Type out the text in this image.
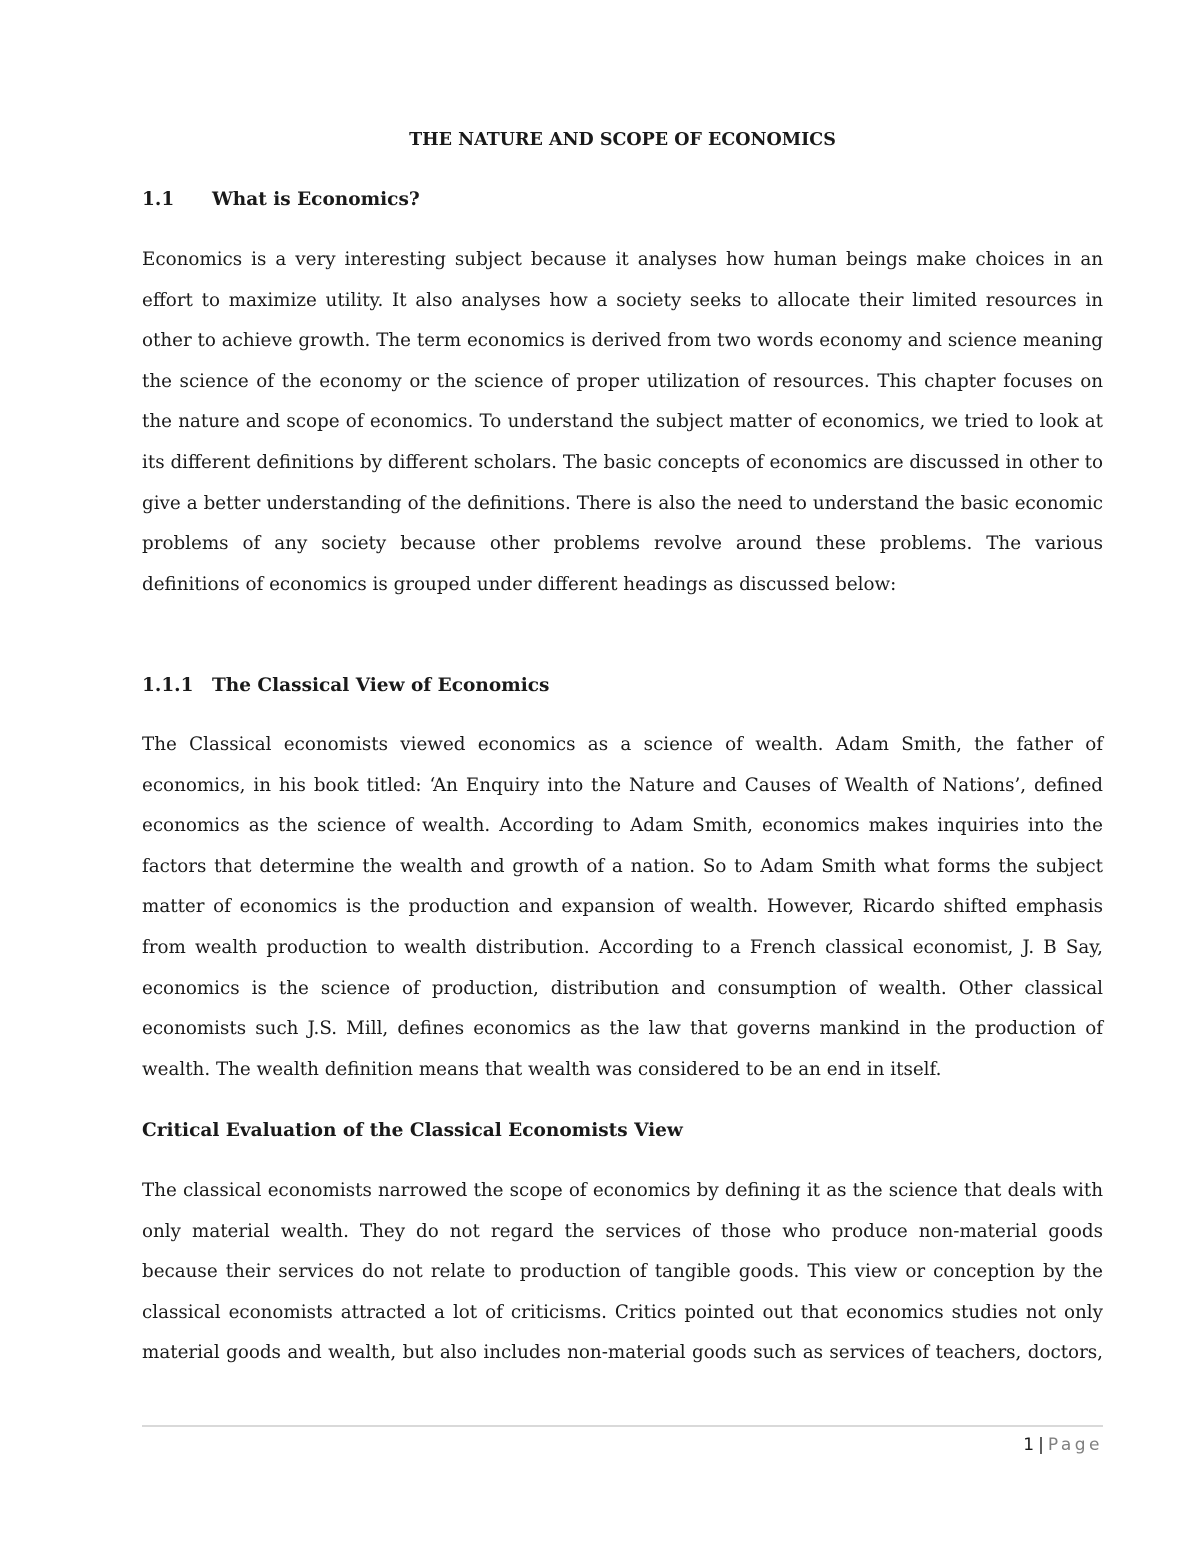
THE NATURE AND SCOPE OF ECONOMICS
1.1 What is Economics?

Economics is a very interesting subject because it analyses how human beings make choices in an effort to maximize utility. It also analyses how a society seeks to allocate their limited resources in other to achieve growth. The term economics is derived from two words economy and science meaning the science of the economy or the science of proper utilization of resources. This chapter focuses on the nature and scope of economics. To understand the subject matter of economics, we tried to look at its different definitions by different scholars. The basic concepts of economics are discussed in other to give a better understanding of the definitions. There is also the need to understand the basic economic problems of any society because other problems revolve around these problems. The various definitions of economics is grouped under different headings as discussed below:

1.1.1 The Classical View of Economics

The Classical economists viewed economics as a science of wealth. Adam Smith, the father of economics, in his book titled: ‘An Enquiry into the Nature and Causes of Wealth of Nations’, defined economics as the science of wealth. According to Adam Smith, economics makes inquiries into the factors that determine the wealth and growth of a nation. So to Adam Smith what forms the subject matter of economics is the production and expansion of wealth. However, Ricardo shifted emphasis from wealth production to wealth distribution. According to a French classical economist, J. B Say, economics is the science of production, distribution and consumption of wealth. Other classical economists such J.S. Mill, defines economics as the law that governs mankind in the production of wealth. The wealth definition means that wealth was considered to be an end in itself.

Critical Evaluation of the Classical Economists View

The classical economists narrowed the scope of economics by defining it as the science that deals with only material wealth. They do not regard the services of those who produce non-material goods because their services do not relate to production of tangible goods. This view or conception by the classical economists attracted a lot of criticisms. Critics pointed out that economics studies not only material goods and wealth, but also includes non-material goods such as services of teachers, doctors,

1 | Page
